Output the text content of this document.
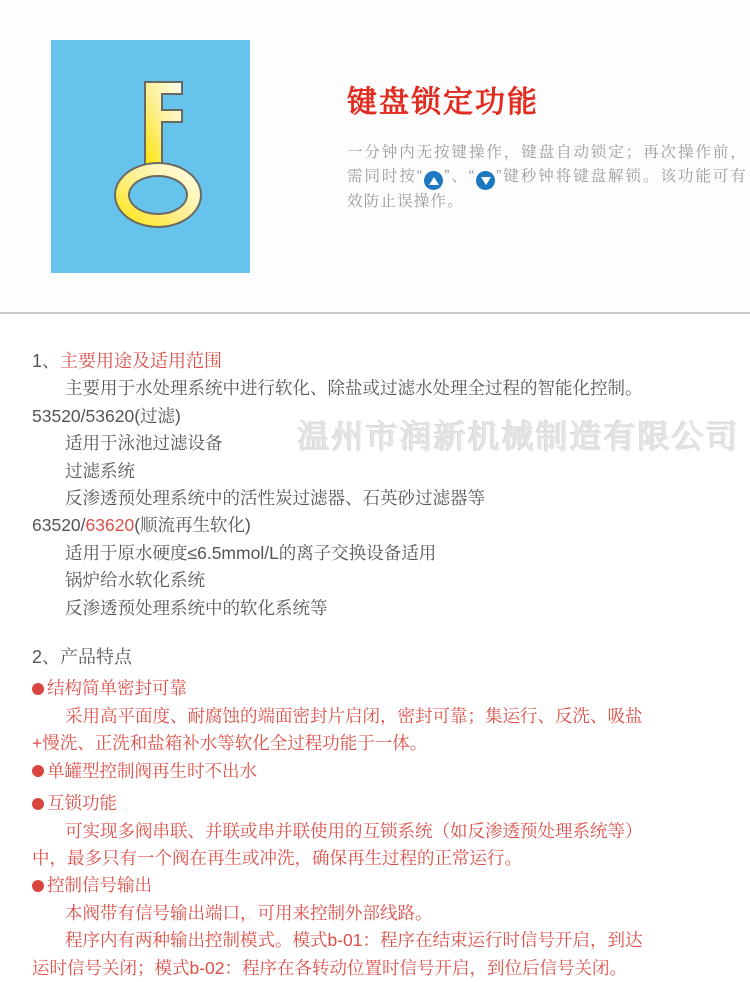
键盘锁定功能
一分钟内无按键操作，键盘自动锁定；再次操作前，需同时按“ ”、“ ”键秒钟将键盘解锁。该功能可有效防止误操作。
温州市润新机械制造有限公司
1、主要用途及适用范围
主要用于水处理系统中进行软化、除盐或过滤水处理全过程的智能化控制。
53520/53620(过滤)
适用于泳池过滤设备
过滤系统
反渗透预处理系统中的活性炭过滤器、石英砂过滤器等
63520/63620(顺流再生软化)
适用于原水硬度≤6.5mmol/L的离子交换设备适用
锅炉给水软化系统
反渗透预处理系统中的软化系统等
2、产品特点
结构简单密封可靠
采用高平面度、耐腐蚀的端面密封片启闭，密封可靠；集运行、反洗、吸盐
+慢洗、正洗和盐箱补水等软化全过程功能于一体。
单罐型控制阀再生时不出水
互锁功能
可实现多阀串联、并联或串并联使用的互锁系统（如反渗透预处理系统等）
中，最多只有一个阀在再生或冲洗，确保再生过程的正常运行。
控制信号输出
本阀带有信号输出端口，可用来控制外部线路。
程序内有两种输出控制模式。模式b-01：程序在结束运行时信号开启，到达
运时信号关闭；模式b-02：程序在各转动位置时信号开启，到位后信号关闭。
